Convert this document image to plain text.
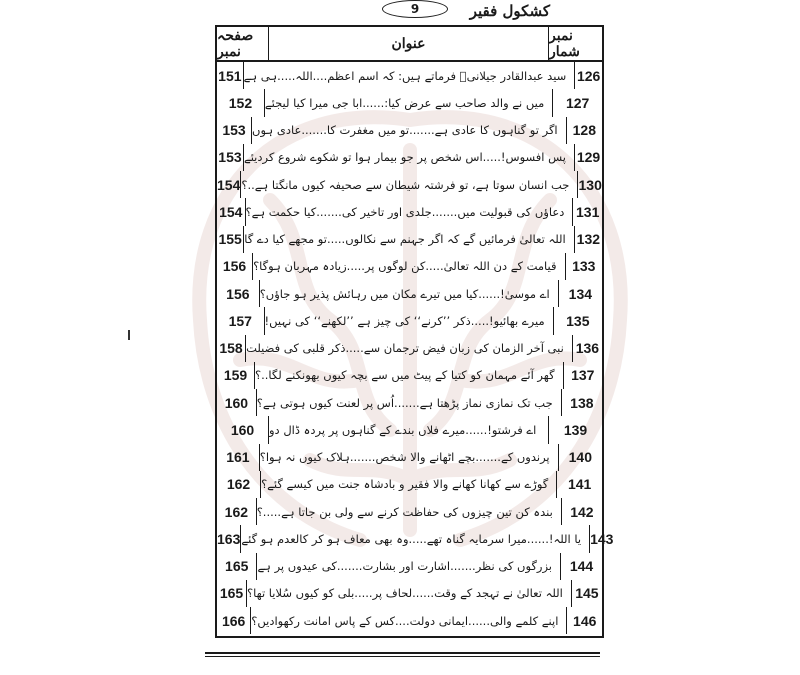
کشکول فقیر
9
صفحہ نمبر	عنوان	نمبر شمار
151 سید عبدالقادر جیلانیؒ فرماتے ہیں: کہ اسم اعظم....اللہ.....ہی ہے 126
152	میں نے والد صاحب سے عرض کیا:......ابا جی میرا کیا لیجئے	127
153 اگر تو گناہوں کا عادی ہے.......تو میں مغفرت کا.......عادی ہوں	128
153 پس افسوس!.....اس شخص پر جو بیمار ہوا تو شکوے شروع کردیئے 129
154 جب انسان سوتا ہے، تو فرشتہ شیطان سے صحیفہ کیوں مانگتا ہے..؟ 130
154 دعاؤں کی قبولیت میں.......جلدی اور تاخیر کی.......کیا حکمت ہے؟ 131
155 اللہ تعالیٰ فرمائیں گے کہ اگر جہنم سے نکالوں.....تو مجھے کیا دے گا 132
156 قیامت کے دن اللہ تعالیٰ.....کن لوگوں پر.....زیادہ مہربان ہوگا؟	133
156 اے موسیٰ!......کیا میں تیرے مکان میں رہائش پذیر ہو جاؤں؟	134
157	میرے بھائیو!.....ذکر ’’کرنے‘‘ کی چیز ہے ’’لکھنے‘‘ کی نہیں!	135
158 نبی آخر الزمان کی زبان فیض ترجمان سے.....ذکر قلبی کی فضیلت 136
159 گھر آئے مہمان کو کتیا کے پیٹ میں سے بچہ کیوں بھونکنے لگا..؟	137
160 جب تک نمازی نماز پڑھتا ہے.......اُس پر لعنت کیوں ہوتی ہے؟	138
160	اے فرشتو!......میرے فلاں بندے کے گناہوں پر پردہ ڈال دو	139
161 پرندوں کے.......بچے اٹھانے والا شخص.......ہلاک کیوں نہ ہوا؟	140
162 گوڑے سے کھانا کھانے والا فقیر و بادشاہ جنت میں کیسے گئے؟	141
162 بندہ کن تین چیزوں کی حفاظت کرنے سے ولی بن جاتا ہے.....؟	142
163 یا اللہ!......میرا سرمایہ گناہ تھے.....وہ بھی معاف ہو کر کالعدم ہو گئے 143
165 بزرگوں کی نظر.......اشارت اور بشارت.......کی عیدوں پر ہے	144
165 اللہ تعالیٰ نے تہجد کے وقت......لحاف پر.....بلی کو کیوں سُلایا تھا؟ 145
166 اپنے کلمے والی......ایمانی دولت....کس کے پاس امانت رکھوادیں؟	146
